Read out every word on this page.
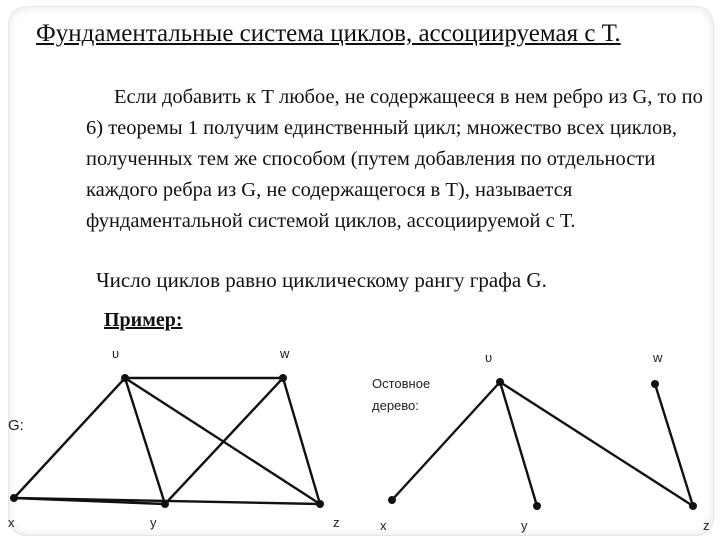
Фундаментальные система циклов, ассоциируемая с Т.
Если добавить к Т любое, не содержащееся в нем ребро из G, то по 6) теоремы 1 получим единственный цикл; множество всех циклов, полученных тем же способом (путем добавления по отдельности каждого ребра из G, не содержащегося в Т), называется фундаментальной системой циклов, ассоциируемой с Т.
Число циклов равно циклическому рангу графа G.
Пример:
G:
υ	w
x	y	z
Остовное
дерево:
υ	w
x	y	z
